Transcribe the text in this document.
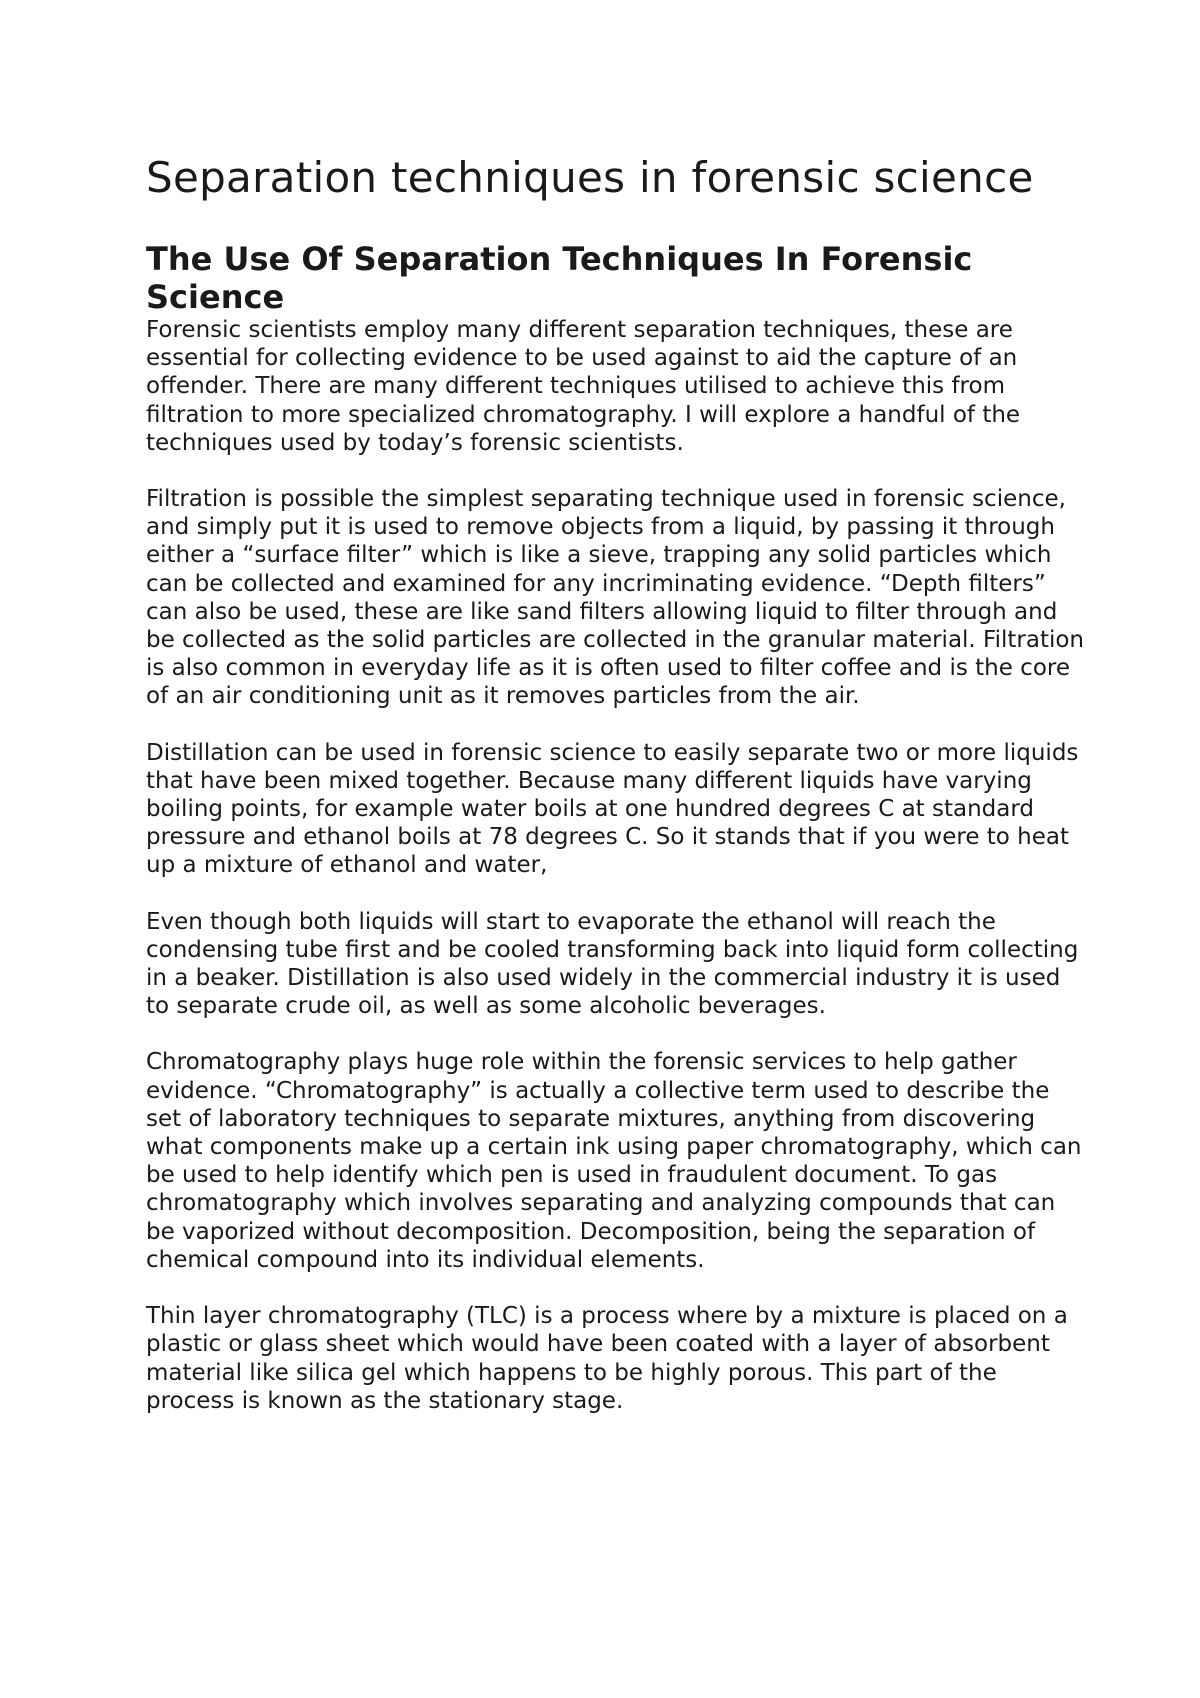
Separation techniques in forensic science
The Use Of Separation Techniques In Forensic Science

Forensic scientists employ many different separation techniques, these are essential for collecting evidence to be used against to aid the capture of an offender. There are many different techniques utilised to achieve this from filtration to more specialized chromatography. I will explore a handful of the techniques used by today’s forensic scientists.

Filtration is possible the simplest separating technique used in forensic science, and simply put it is used to remove objects from a liquid, by passing it through either a “surface filter” which is like a sieve, trapping any solid particles which can be collected and examined for any incriminating evidence. “Depth filters” can also be used, these are like sand filters allowing liquid to filter through and be collected as the solid particles are collected in the granular material. Filtration is also common in everyday life as it is often used to filter coffee and is the core of an air conditioning unit as it removes particles from the air.

Distillation can be used in forensic science to easily separate two or more liquids that have been mixed together. Because many different liquids have varying boiling points, for example water boils at one hundred degrees C at standard pressure and ethanol boils at 78 degrees C. So it stands that if you were to heat up a mixture of ethanol and water,

Even though both liquids will start to evaporate the ethanol will reach the condensing tube first and be cooled transforming back into liquid form collecting in a beaker. Distillation is also used widely in the commercial industry it is used to separate crude oil, as well as some alcoholic beverages.

Chromatography plays huge role within the forensic services to help gather evidence. “Chromatography” is actually a collective term used to describe the set of laboratory techniques to separate mixtures, anything from discovering what components make up a certain ink using paper chromatography, which can be used to help identify which pen is used in fraudulent document. To gas chromatography which involves separating and analyzing compounds that can be vaporized without decomposition. Decomposition, being the separation of chemical compound into its individual elements.

Thin layer chromatography (TLC) is a process where by a mixture is placed on a plastic or glass sheet which would have been coated with a layer of absorbent material like silica gel which happens to be highly porous. This part of the process is known as the stationary stage.
